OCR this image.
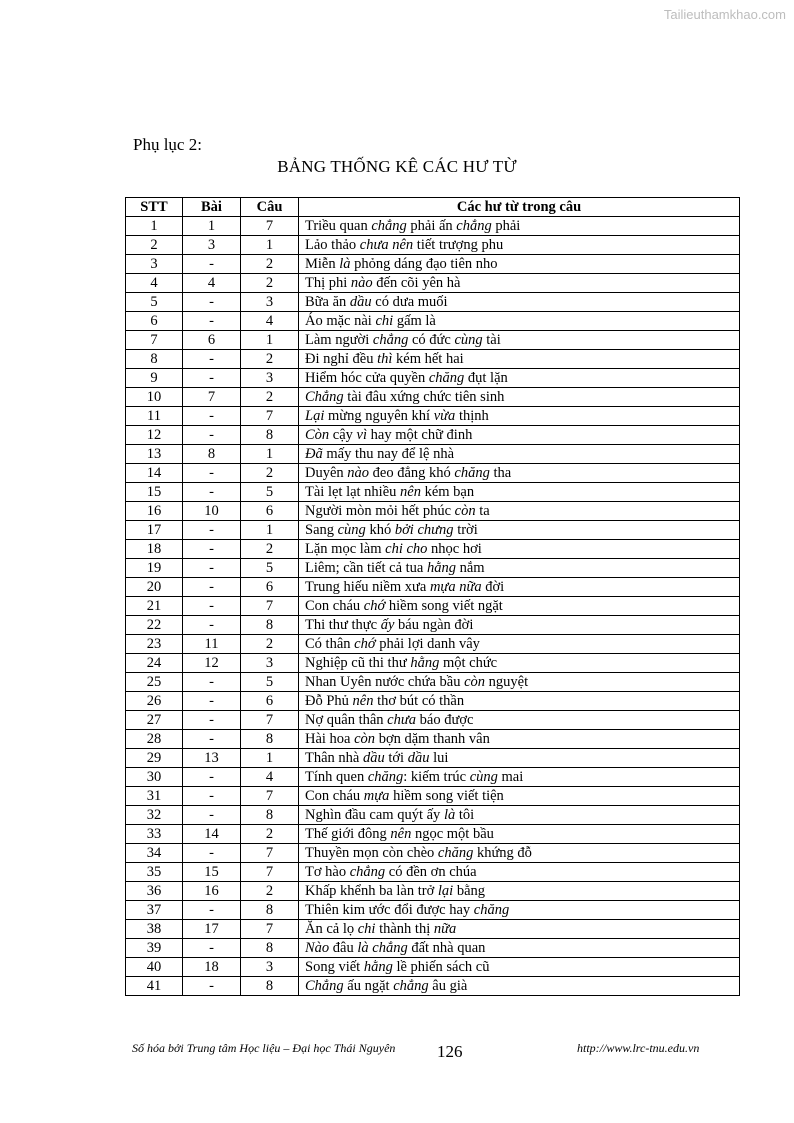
Tailieuthamkhao.com
Phụ lục 2:
BẢNG THỐNG KÊ CÁC HƯ TỪ
STT	Bài	Câu	Các hư từ trong câu
1	1	7	Triều quan chẳng phải ấn chẳng phải
2	3	1	Lảo thảo chưa nên tiết trượng phu
3	-	2	Miễn là phỏng dáng đạo tiên nho
4	4	2	Thị phi nào đến cõi yên hà
5	-	3	Bữa ăn dầu có dưa muối
6	-	4	Áo mặc nài chi gấm là
7	6	1	Làm người chẳng có đức cùng tài
8	-	2	Đi nghỉ đều thì kém hết hai
9	-	3	Hiểm hóc cửa quyền chăng đụt lặn
10	7	2	Chẳng tài đâu xứng chức tiên sinh
11	-	7	Lại mừng nguyên khí vừa thịnh
12	-	8	Còn cậy vì hay một chữ đinh
13	8	1	Đã mấy thu nay để lệ nhà
14	-	2	Duyên nào đeo đẳng khó chăng tha
15	-	5	Tài lẹt lạt nhiều nên kém bạn
16	10	6	Người mòn mỏi hết phúc còn ta
17	-	1	Sang cùng khó bởi chưng trời
18	-	2	Lặn mọc làm chi cho nhọc hơi
19	-	5	Liêm; cần tiết cả tua hằng nắm
20	-	6	Trung hiếu niềm xưa mựa nữa đời
21	-	7	Con cháu chớ hiềm song viết ngặt
22	-	8	Thi thư thực ấy báu ngàn đời
23	11	2	Có thân chớ phải lợi danh vây
24	12	3	Nghiệp cũ thi thư hằng một chức
25	-	5	Nhan Uyên nước chứa bầu còn nguyệt
26	-	6	Đỗ Phủ nên thơ bút có thần
27	-	7	Nợ quân thân chưa báo được
28	-	8	Hài hoa còn bợn dặm thanh vân
29	13	1	Thân nhà dầu tới dầu lui
30	-	4	Tính quen chăng: kiếm trúc cùng mai
31	-	7	Con cháu mựa hiềm song viết tiện
32	-	8	Nghìn đầu cam quýt ấy là tôi
33	14	2	Thế giới đông nên ngọc một bầu
34	-	7	Thuyền mọn còn chèo chăng khứng đỗ
35	15	7	Tơ hào chẳng có đền ơn chúa
36	16	2	Khấp khểnh ba làn trở lại bằng
37	-	8	Thiên kim ước đổi được hay chăng
38	17	7	Ăn cả lọ chi thành thị nữa
39	-	8	Nào đâu là chẳng đất nhà quan
40	18	3	Song viết hằng lề phiến sách cũ
41	-	8	Chẳng ấu ngặt chẳng âu già
Số hóa bởi Trung tâm Học liệu – Đại học Thái Nguyên 126	http://www.lrc-tnu.edu.vn
